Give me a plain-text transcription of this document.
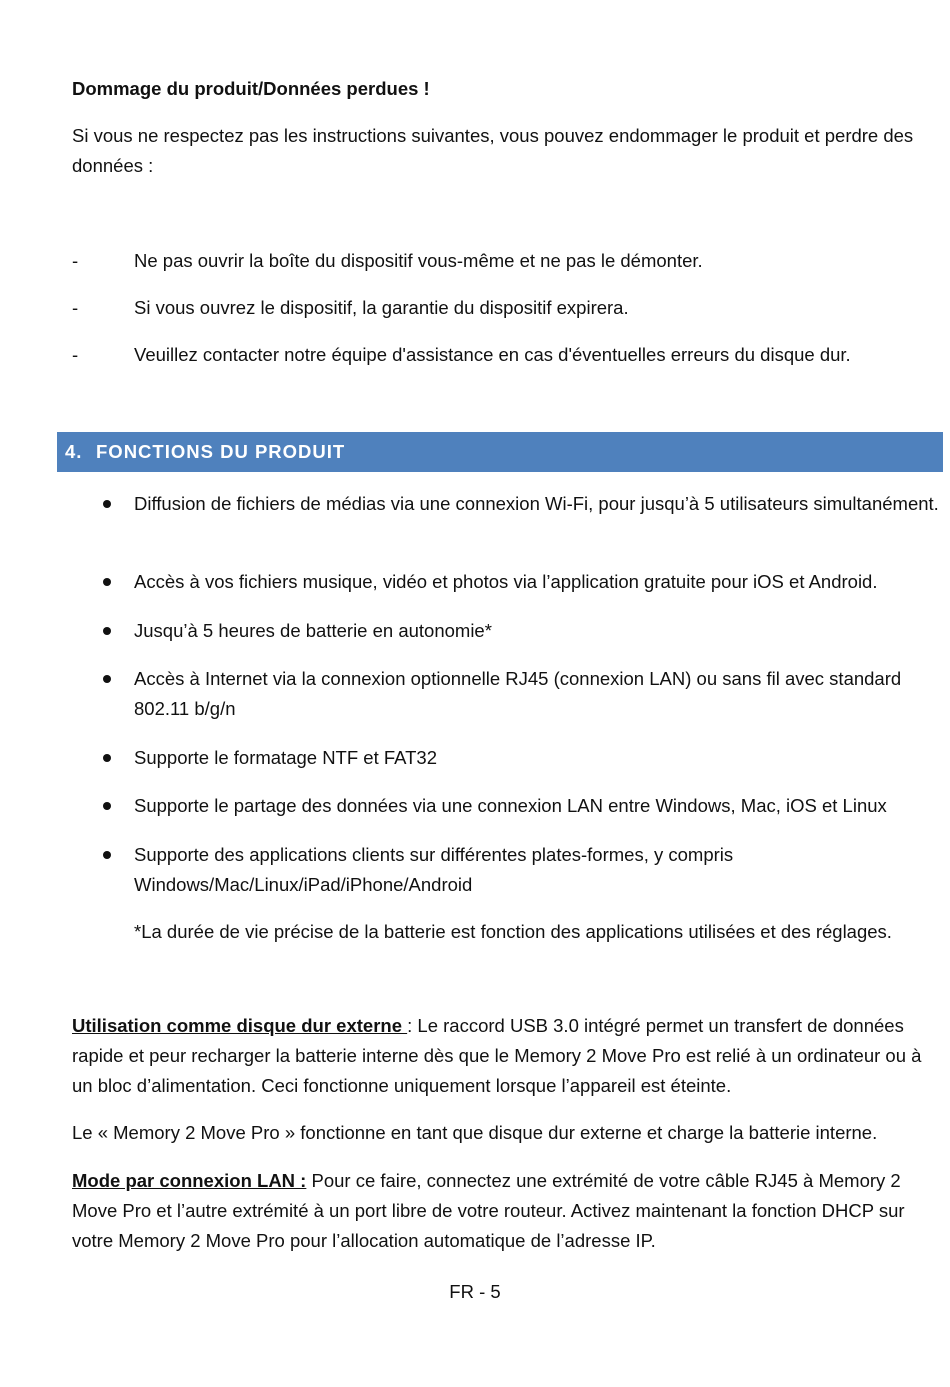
Dommage du produit/Données perdues !

Si vous ne respectez pas les instructions suivantes, vous pouvez endommager le produit et perdre des données :

-	Ne pas ouvrir la boîte du dispositif vous-même et ne pas le démonter.
-	Si vous ouvrez le dispositif, la garantie du dispositif expirera.
-	Veuillez contacter notre équipe d'assistance en cas d'éventuelles erreurs du disque dur.
4. FONCTIONS DU PRODUIT
Diffusion de fichiers de médias via une connexion Wi-Fi, pour jusqu’à 5 utilisateurs simultanément.
Accès à vos fichiers musique, vidéo et photos via l’application gratuite pour iOS et Android.
Jusqu’à 5 heures de batterie en autonomie*
Accès à Internet via la connexion optionnelle RJ45 (connexion LAN) ou sans fil avec standard 802.11 b/g/n
Supporte le formatage NTF et FAT32
Supporte le partage des données via une connexion LAN entre Windows, Mac, iOS et Linux
Supporte des applications clients sur différentes plates-formes, y compris Windows/Mac/Linux/iPad/iPhone/Android
*La durée de vie précise de la batterie est fonction des applications utilisées et des réglages.

Utilisation comme disque dur externe : Le raccord USB 3.0 intégré permet un transfert de données rapide et peur recharger la batterie interne dès que le Memory 2 Move Pro est relié à un ordinateur ou à un bloc d’alimentation. Ceci fonctionne uniquement lorsque l’appareil est éteinte.

Le « Memory 2 Move Pro » fonctionne en tant que disque dur externe et charge la batterie interne.

Mode par connexion LAN : Pour ce faire, connectez une extrémité de votre câble RJ45 à Memory 2 Move Pro et l’autre extrémité à un port libre de votre routeur. Activez maintenant la fonction DHCP sur votre Memory 2 Move Pro pour l’allocation automatique de l’adresse IP.

FR - 5
